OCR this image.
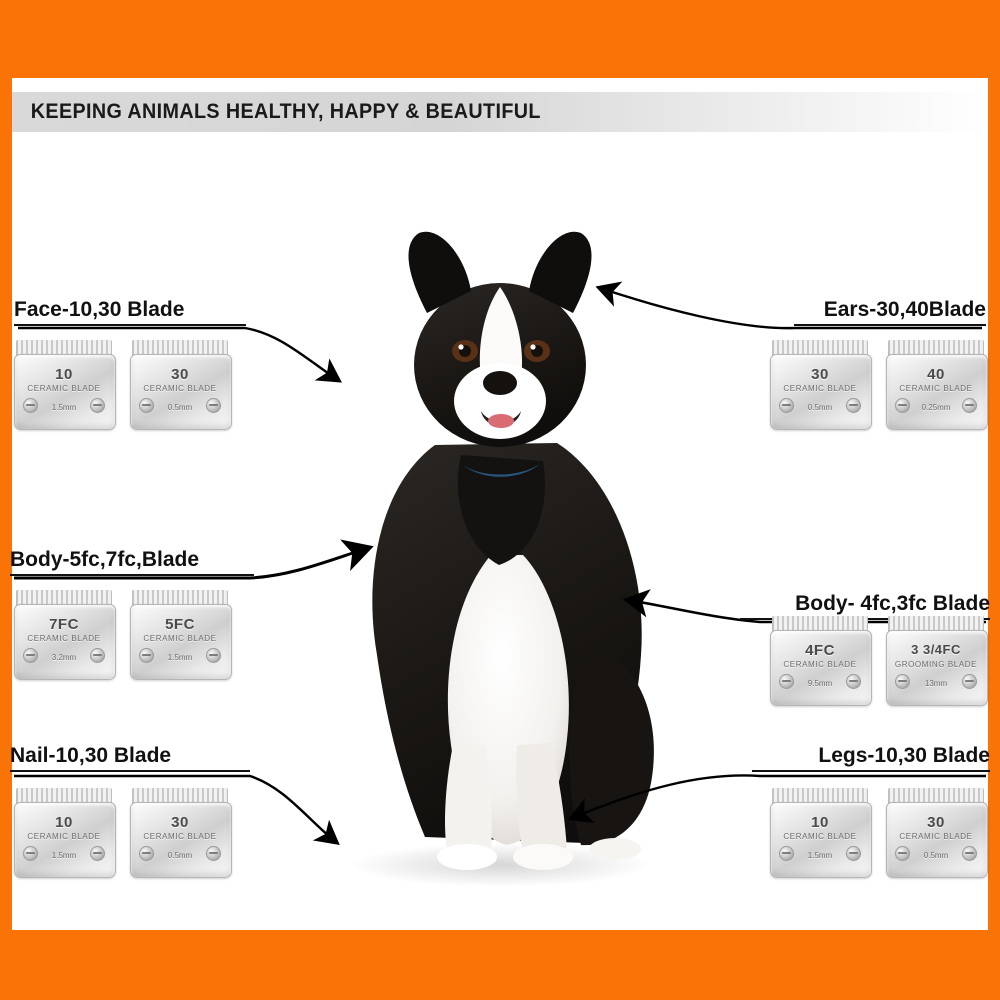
KEEPING ANIMALS HEALTHY, HAPPY & BEAUTIFUL
Face-10,30 Blade	Ears-30,40Blade
Body-5fc,7fc,Blade
Body- 4fc,3fc Blade
Nail-10,30 Blade	Legs-10,30 Blade
10
CERAMIC BLADE
1.5mm
30
CERAMIC BLADE
0.5mm
30
CERAMIC BLADE
0.5mm
40
CERAMIC BLADE
0.25mm
7FC
CERAMIC BLADE
3.2mm
5FC
CERAMIC BLADE
1.5mm	4FC
CERAMIC BLADE
9.5mm
3 3/4FC
GROOMING BLADE
13mm
10
CERAMIC BLADE
1.5mm
30
CERAMIC BLADE
0.5mm
10
CERAMIC BLADE
1.5mm
30
CERAMIC BLADE
0.5mm
